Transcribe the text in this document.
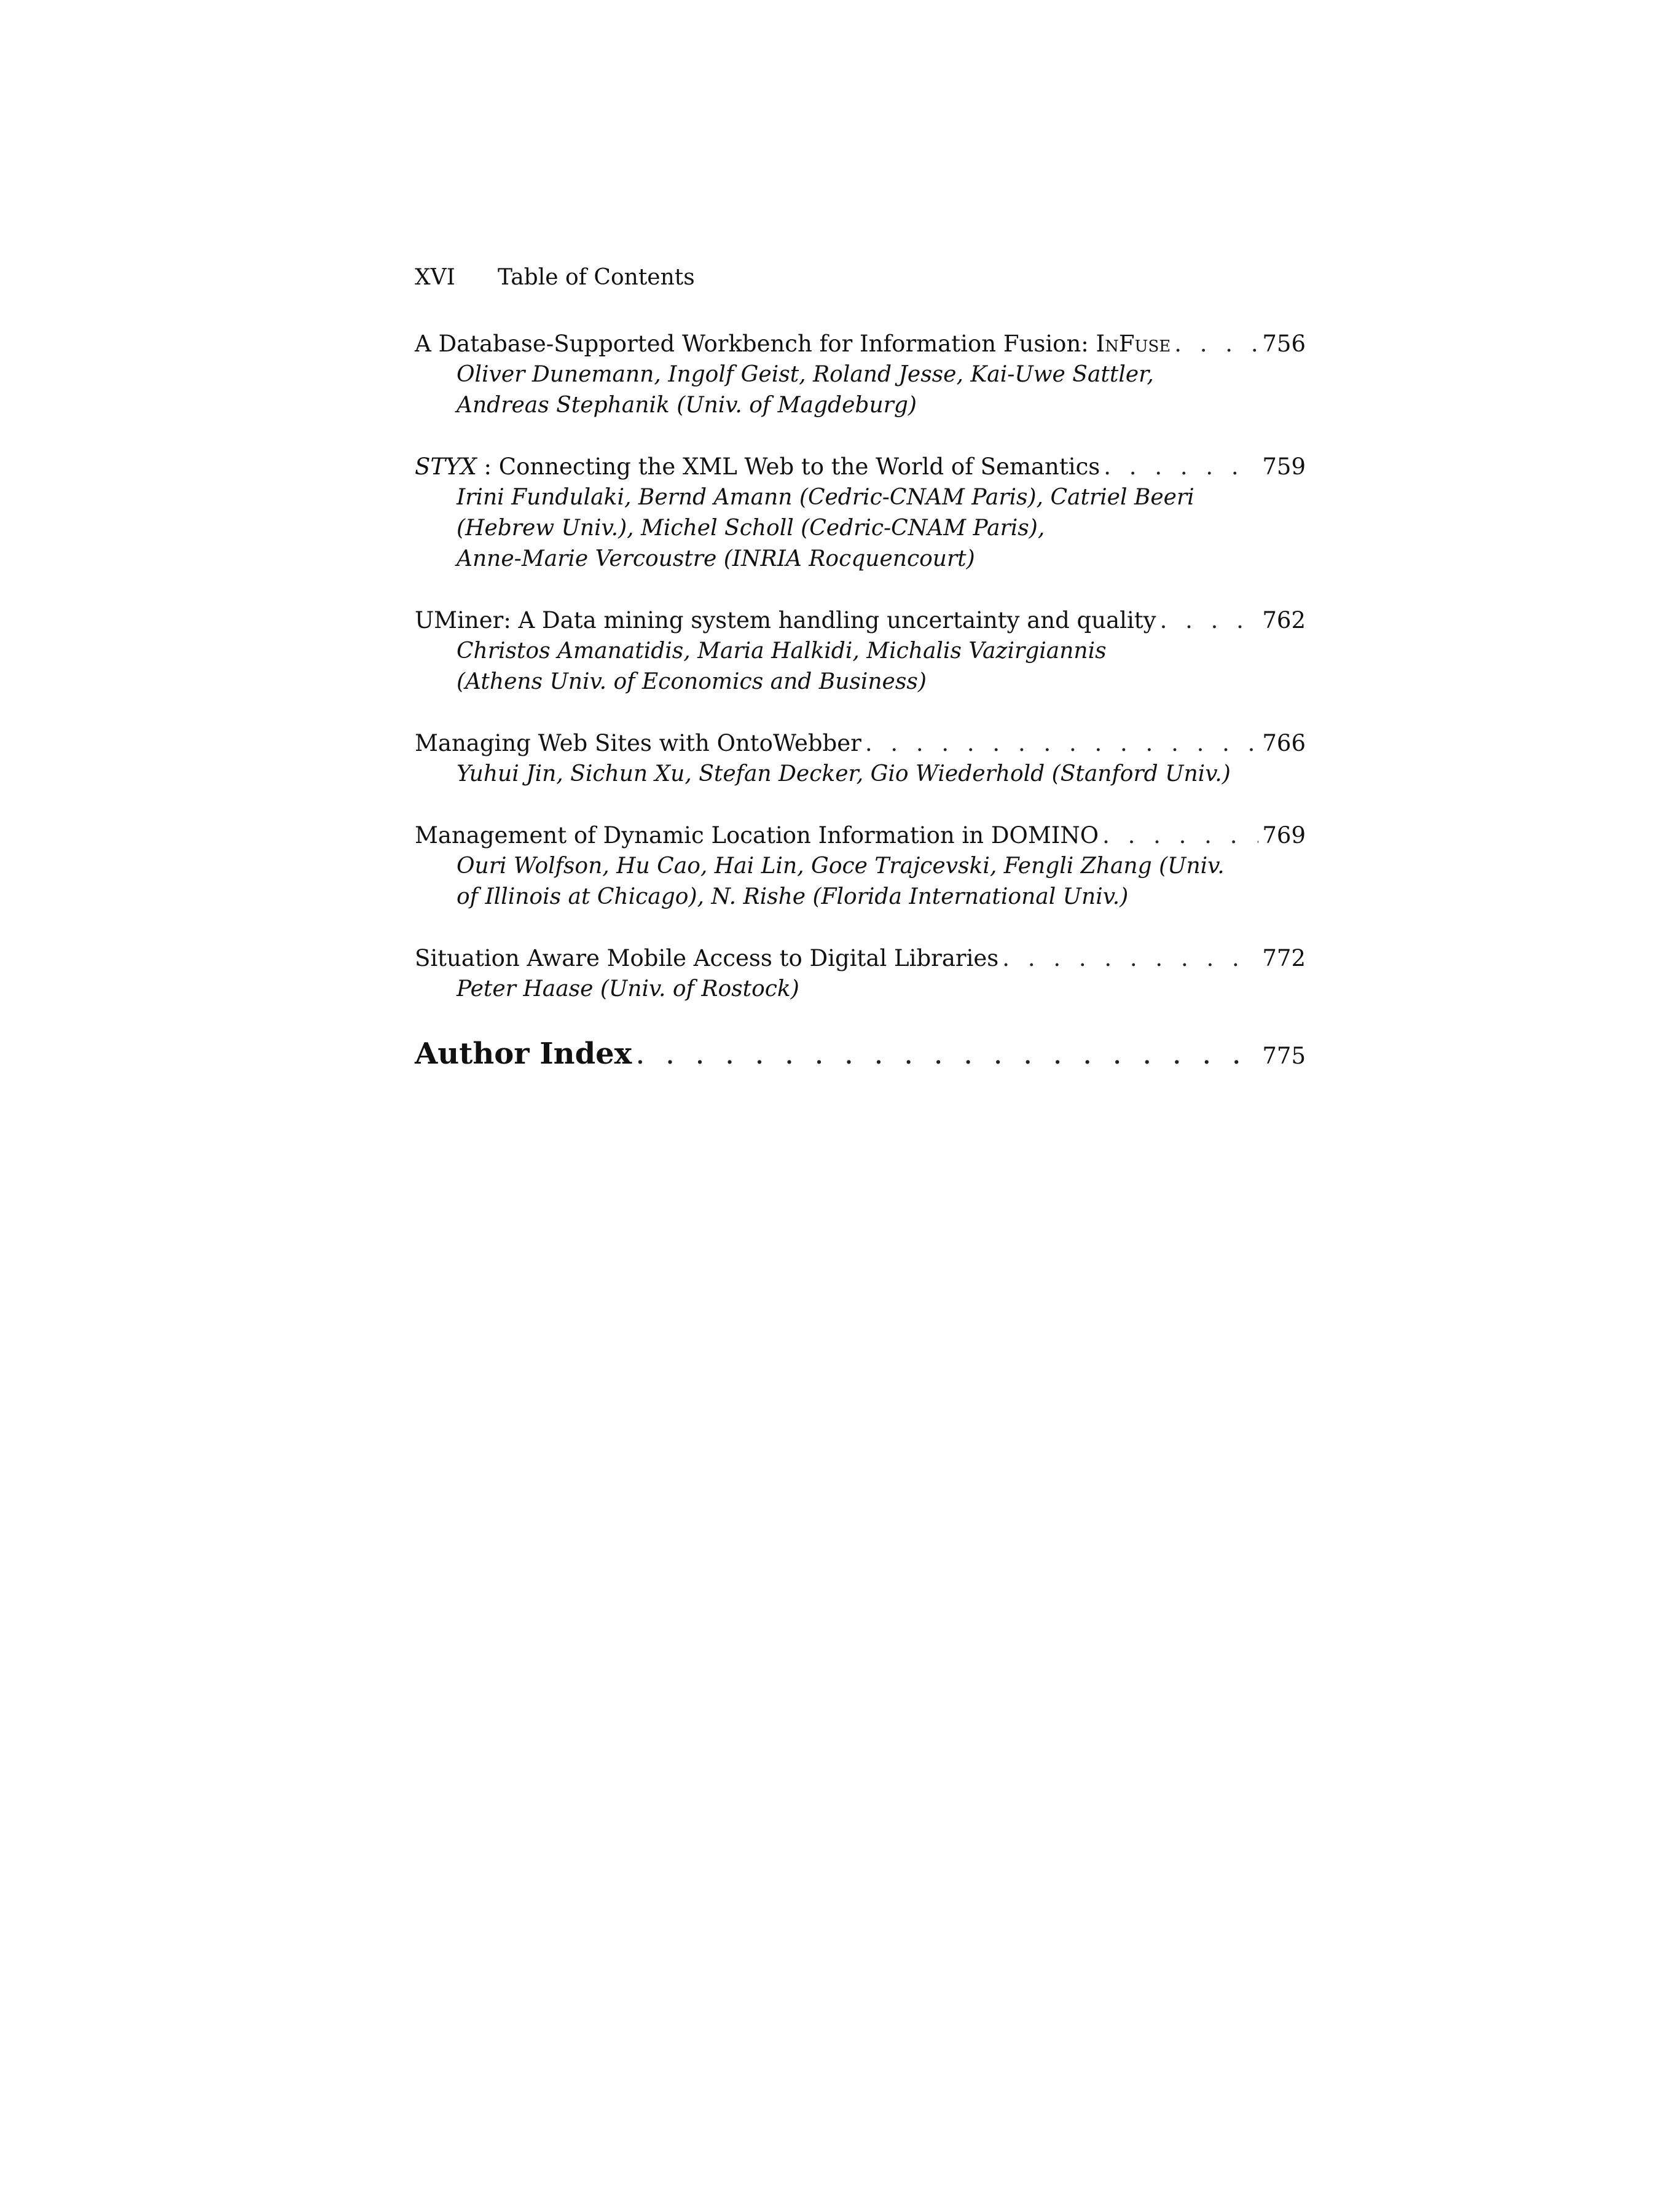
XVI Table of Contents
A Database-Supported Workbench for Information Fusion: InFuse . . .	756
Oliver Dunemann, Ingolf Geist, Roland Jesse, Kai-Uwe Sattler,
Andreas Stephanik (Univ. of Magdeburg)
STYX : Connecting the XML Web to the World of Semantics . . .	759
Irini Fundulaki, Bernd Amann (Cedric-CNAM Paris), Catriel Beeri
(Hebrew Univ.), Michel Scholl (Cedric-CNAM Paris),
Anne-Marie Vercoustre (INRIA Rocquencourt)
UMiner: A Data mining system handling uncertainty and quality . . .	762
Christos Amanatidis, Maria Halkidi, Michalis Vazirgiannis
(Athens Univ. of Economics and Business)
Managing Web Sites with OntoWebber . . .	766
Yuhui Jin, Sichun Xu, Stefan Decker, Gio Wiederhold (Stanford Univ.)
Management of Dynamic Location Information in DOMINO . . .	769
Ouri Wolfson, Hu Cao, Hai Lin, Goce Trajcevski, Fengli Zhang (Univ.
of Illinois at Chicago), N. Rishe (Florida International Univ.)
Situation Aware Mobile Access to Digital Libraries . . .	772
Peter Haase (Univ. of Rostock)
Author Index . . .	775
